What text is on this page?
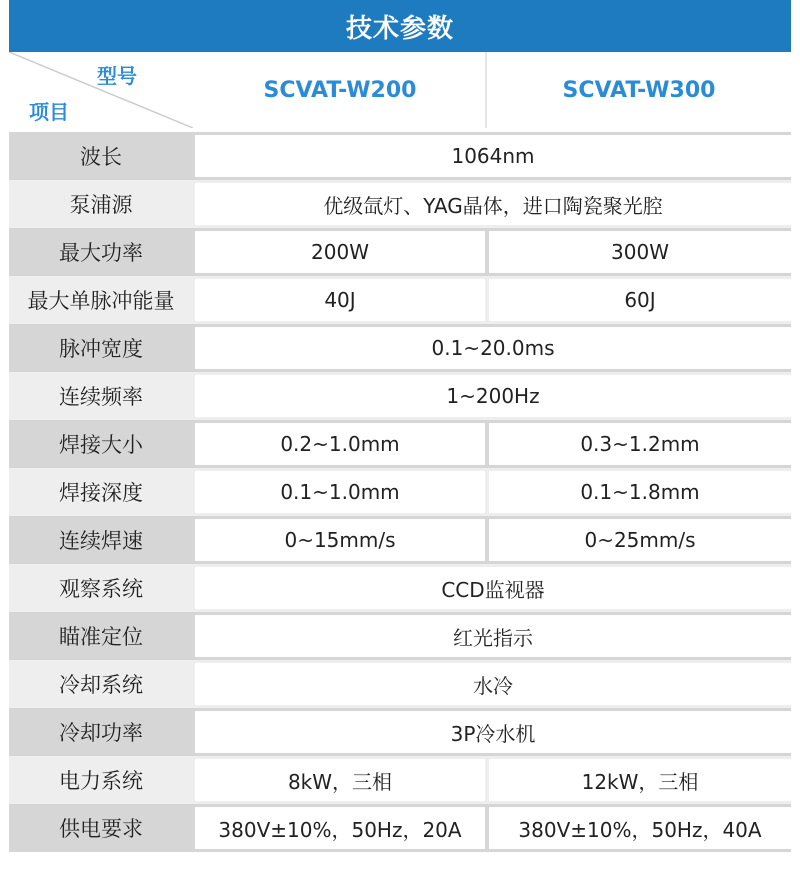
技术参数
型号
项目
SCVAT-W200	SCVAT-W300
波长	1064nm
泵浦源	优级氙灯、YAG晶体，进口陶瓷聚光腔
最大功率	200W	300W
最大单脉冲能量	40J	60J
脉冲宽度	0.1~20.0ms
连续频率	1~200Hz
焊接大小	0.2~1.0mm	0.3~1.2mm
焊接深度	0.1~1.0mm	0.1~1.8mm
连续焊速	0~15mm/s	0~25mm/s
观察系统	CCD监视器
瞄准定位	红光指示
冷却系统	水冷
冷却功率	3P冷水机
电力系统	8kW，三相	12kW，三相
供电要求	380V±10%，50Hz，20A	380V±10%，50Hz，40A
